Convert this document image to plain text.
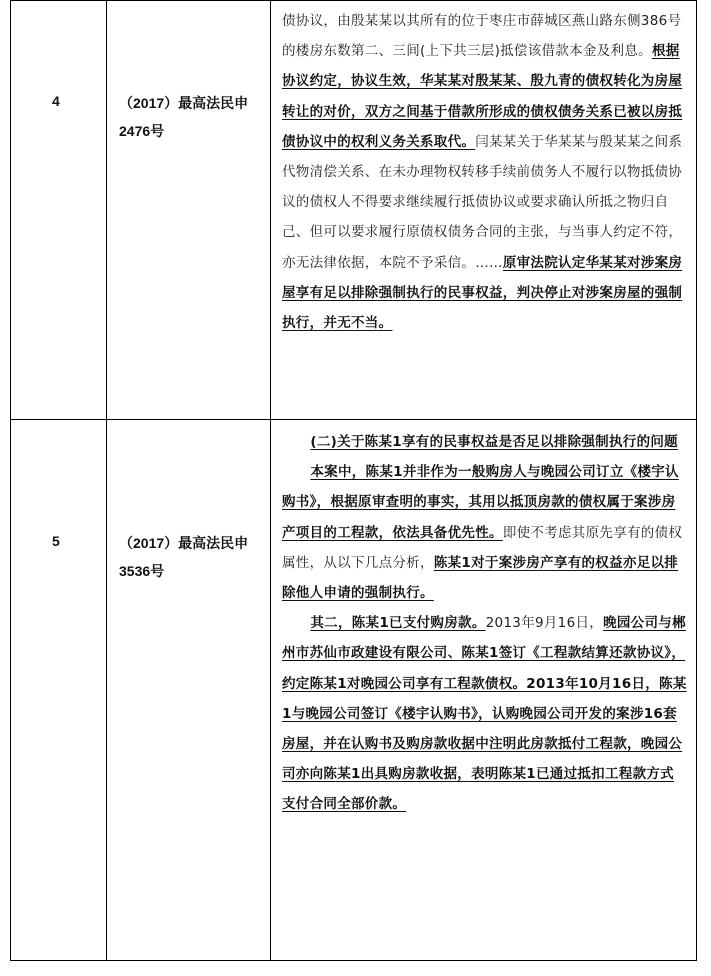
4	（2017）最高法民申
2476号

债协议，由殷某某以其所有的位于枣庄市薛城区燕山路东侧386号的楼房东数第二、三间(上下共三层)抵偿该借款本金及利息。根据协议约定，协议生效，华某某对殷某某、殷九青的债权转化为房屋转让的对价，双方之间基于借款所形成的债权债务关系已被以房抵债协议中的权利义务关系取代。闫某某关于华某某与殷某某之间系代物清偿关系、在未办理物权转移手续前债务人不履行以物抵债协议的债权人不得要求继续履行抵债协议或要求确认所抵之物归自己、但可以要求履行原债权债务合同的主张，与当事人约定不符，亦无法律依据，本院不予采信。……原审法院认定华某某对涉案房屋享有足以排除强制执行的民事权益，判决停止对涉案房屋的强制执行，并无不当。

5	（2017）最高法民申
3536号

(二)关于陈某1享有的民事权益是否足以排除强制执行的问题

本案中，陈某1并非作为一般购房人与晚园公司订立《楼宇认购书》，根据原审查明的事实，其用以抵顶房款的债权属于案涉房产项目的工程款，依法具备优先性。即使不考虑其原先享有的债权属性，从以下几点分析，陈某1对于案涉房产享有的权益亦足以排除他人申请的强制执行。

其二，陈某1已支付购房款。2013年9月16日，晚园公司与郴州市苏仙市政建设有限公司、陈某1签订《工程款结算还款协议》，约定陈某1对晚园公司享有工程款债权。2013年10月16日，陈某1与晚园公司签订《楼宇认购书》，认购晚园公司开发的案涉16套房屋，并在认购书及购房款收据中注明此房款抵付工程款，晚园公司亦向陈某1出具购房款收据，表明陈某1已通过抵扣工程款方式支付合同全部价款。
